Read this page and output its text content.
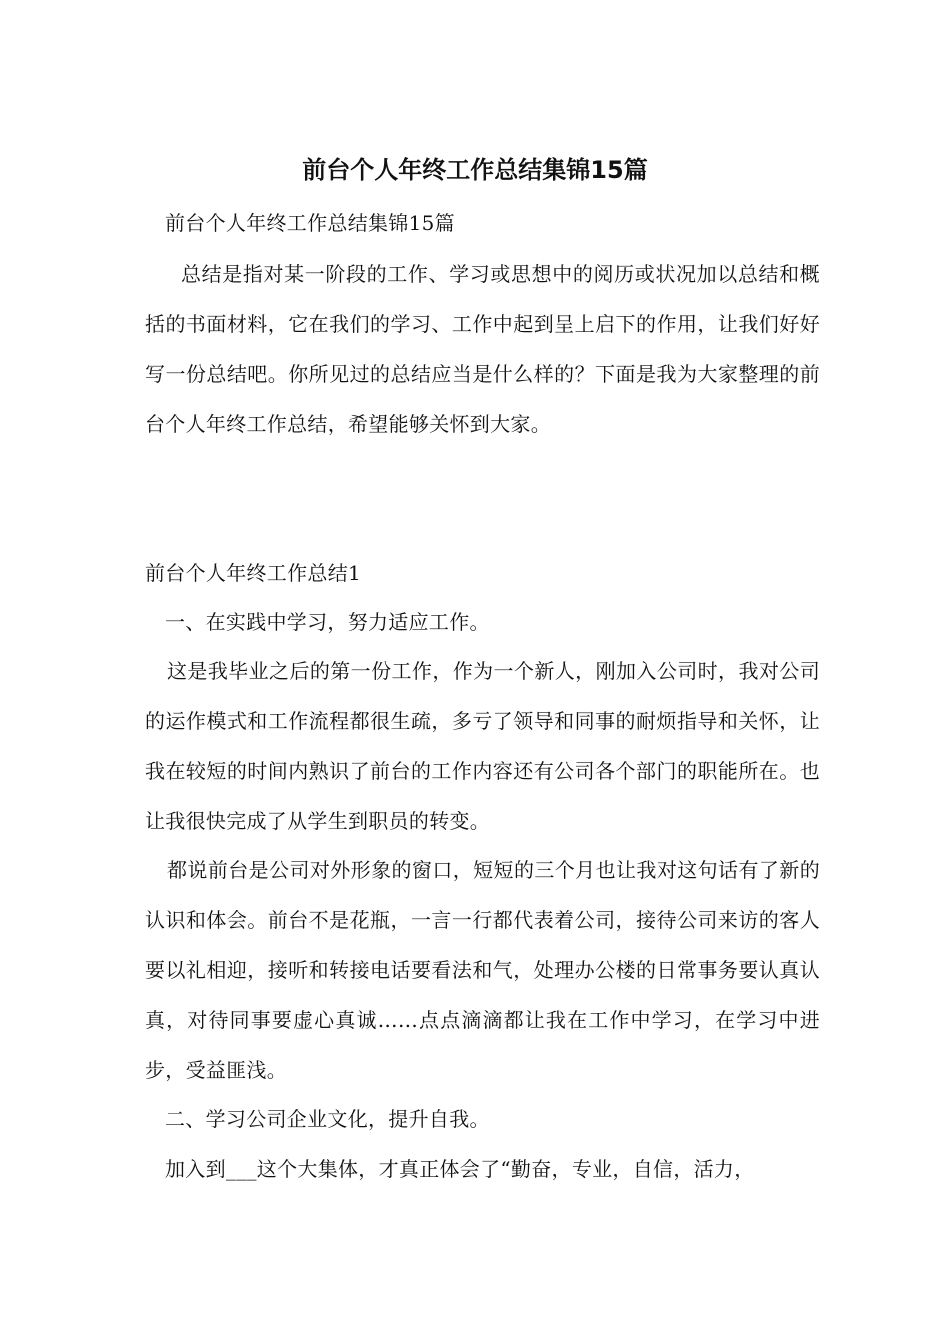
前台个人年终工作总结集锦15篇
前台个人年终工作总结集锦15篇
总结是指对某一阶段的工作、学习或思想中的阅历或状况加以总结和概括的书面材料，它在我们的学习、工作中起到呈上启下的作用，让我们好好写一份总结吧。你所见过的总结应当是什么样的？下面是我为大家整理的前台个人年终工作总结，希望能够关怀到大家。
前台个人年终工作总结1
一、在实践中学习，努力适应工作。
这是我毕业之后的第一份工作，作为一个新人，刚加入公司时，我对公司的运作模式和工作流程都很生疏，多亏了领导和同事的耐烦指导和关怀，让我在较短的时间内熟识了前台的工作内容还有公司各个部门的职能所在。也让我很快完成了从学生到职员的转变。
都说前台是公司对外形象的窗口，短短的三个月也让我对这句话有了新的认识和体会。前台不是花瓶，一言一行都代表着公司，接待公司来访的客人要以礼相迎，接听和转接电话要看法和气，处理办公楼的日常事务要认真认真，对待同事要虚心真诚……点点滴滴都让我在工作中学习，在学习中进步，受益匪浅。
二、学习公司企业文化，提升自我。
加入到___这个大集体，才真正体会了“勤奋，专业，自信，活力，
